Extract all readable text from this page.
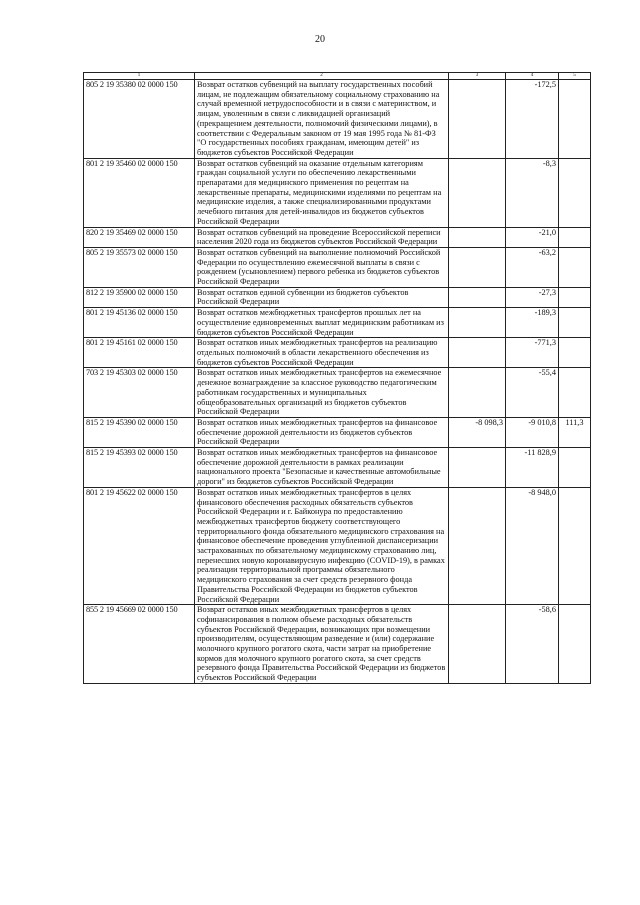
20
1	2	3	4	5
805 2 19 35380 02 0000 150	Возврат остатков субвенций на выплату государственных пособий лицам, не подлежащим обязательному социальному страхованию на случай временной нетрудоспособности и в связи с материнством, и лицам, уволенным в связи с ликвидацией организаций (прекращением деятельности, полномочий физическими лицами), в соответствии с Федеральным законом от 19 мая 1995 года № 81-ФЗ "О государственных пособиях гражданам, имеющим детей" из бюджетов субъектов Российской Федерации		-172,5	
801 2 19 35460 02 0000 150	Возврат остатков субвенций на оказание отдельным категориям граждан социальной услуги по обеспечению лекарственными препаратами для медицинского применения по рецептам на лекарственные препараты, медицинскими изделиями по рецептам на медицинские изделия, а также специализированными продуктами лечебного питания для детей-инвалидов из бюджетов субъектов Российской Федерации		-8,3	
820 2 19 35469 02 0000 150	Возврат остатков субвенций на проведение Всероссийской переписи населения 2020 года из бюджетов субъектов Российской Федерации		-21,0	
805 2 19 35573 02 0000 150	Возврат остатков субвенций на выполнение полномочий Российской Федерации по осуществлению ежемесячной выплаты в связи с рождением (усыновлением) первого ребенка из бюджетов субъектов Российской Федерации		-63,2	
812 2 19 35900 02 0000 150	Возврат остатков единой субвенции из бюджетов субъектов Российской Федерации		-27,3	
801 2 19 45136 02 0000 150	Возврат остатков межбюджетных трансфертов прошлых лет на осуществление единовременных выплат медицинским работникам из бюджетов субъектов Российской Федерации		-189,3	
801 2 19 45161 02 0000 150	Возврат остатков иных межбюджетных трансфертов на реализацию отдельных полномочий в области лекарственного обеспечения из бюджетов субъектов Российской Федерации		-771,3	
703 2 19 45303 02 0000 150	Возврат остатков иных межбюджетных трансфертов на ежемесячное денежное вознаграждение за классное руководство педагогическим работникам государственных и муниципальных общеобразовательных организаций из бюджетов субъектов Российской Федерации		-55,4	
815 2 19 45390 02 0000 150	Возврат остатков иных межбюджетных трансфертов на финансовое обеспечение дорожной деятельности из бюджетов субъектов Российской Федерации	-8 098,3	-9 010,8	111,3
815 2 19 45393 02 0000 150	Возврат остатков иных межбюджетных трансфертов на финансовое обеспечение дорожной деятельности в рамках реализации национального проекта "Безопасные и качественные автомобильные дороги" из бюджетов субъектов Российской Федерации		-11 828,9	
801 2 19 45622 02 0000 150	Возврат остатков иных межбюджетных трансфертов в целях финансового обеспечения расходных обязательств субъектов Российской Федерации и г. Байконура по предоставлению межбюджетных трансфертов бюджету соответствующего территориального фонда обязательного медицинского страхования на финансовое обеспечение проведения углубленной диспансеризации застрахованных по обязательному медицинскому страхованию лиц, перенесших новую коронавирусную инфекцию (COVID-19), в рамках реализации территориальной программы обязательного медицинского страхования за счет средств резервного фонда Правительства Российской Федерации из бюджетов субъектов Российской Федерации		-8 948,0	
855 2 19 45669 02 0000 150	Возврат остатков иных межбюджетных трансфертов в целях софинансирования в полном объеме расходных обязательств субъектов Российской Федерации, возникающих при возмещении производителям, осуществляющим разведение и (или) содержание молочного крупного рогатого скота, части затрат на приобретение кормов для молочного крупного рогатого скота, за счет средств резервного фонда Правительства Российской Федерации из бюджетов субъектов Российской Федерации		-58,6	
